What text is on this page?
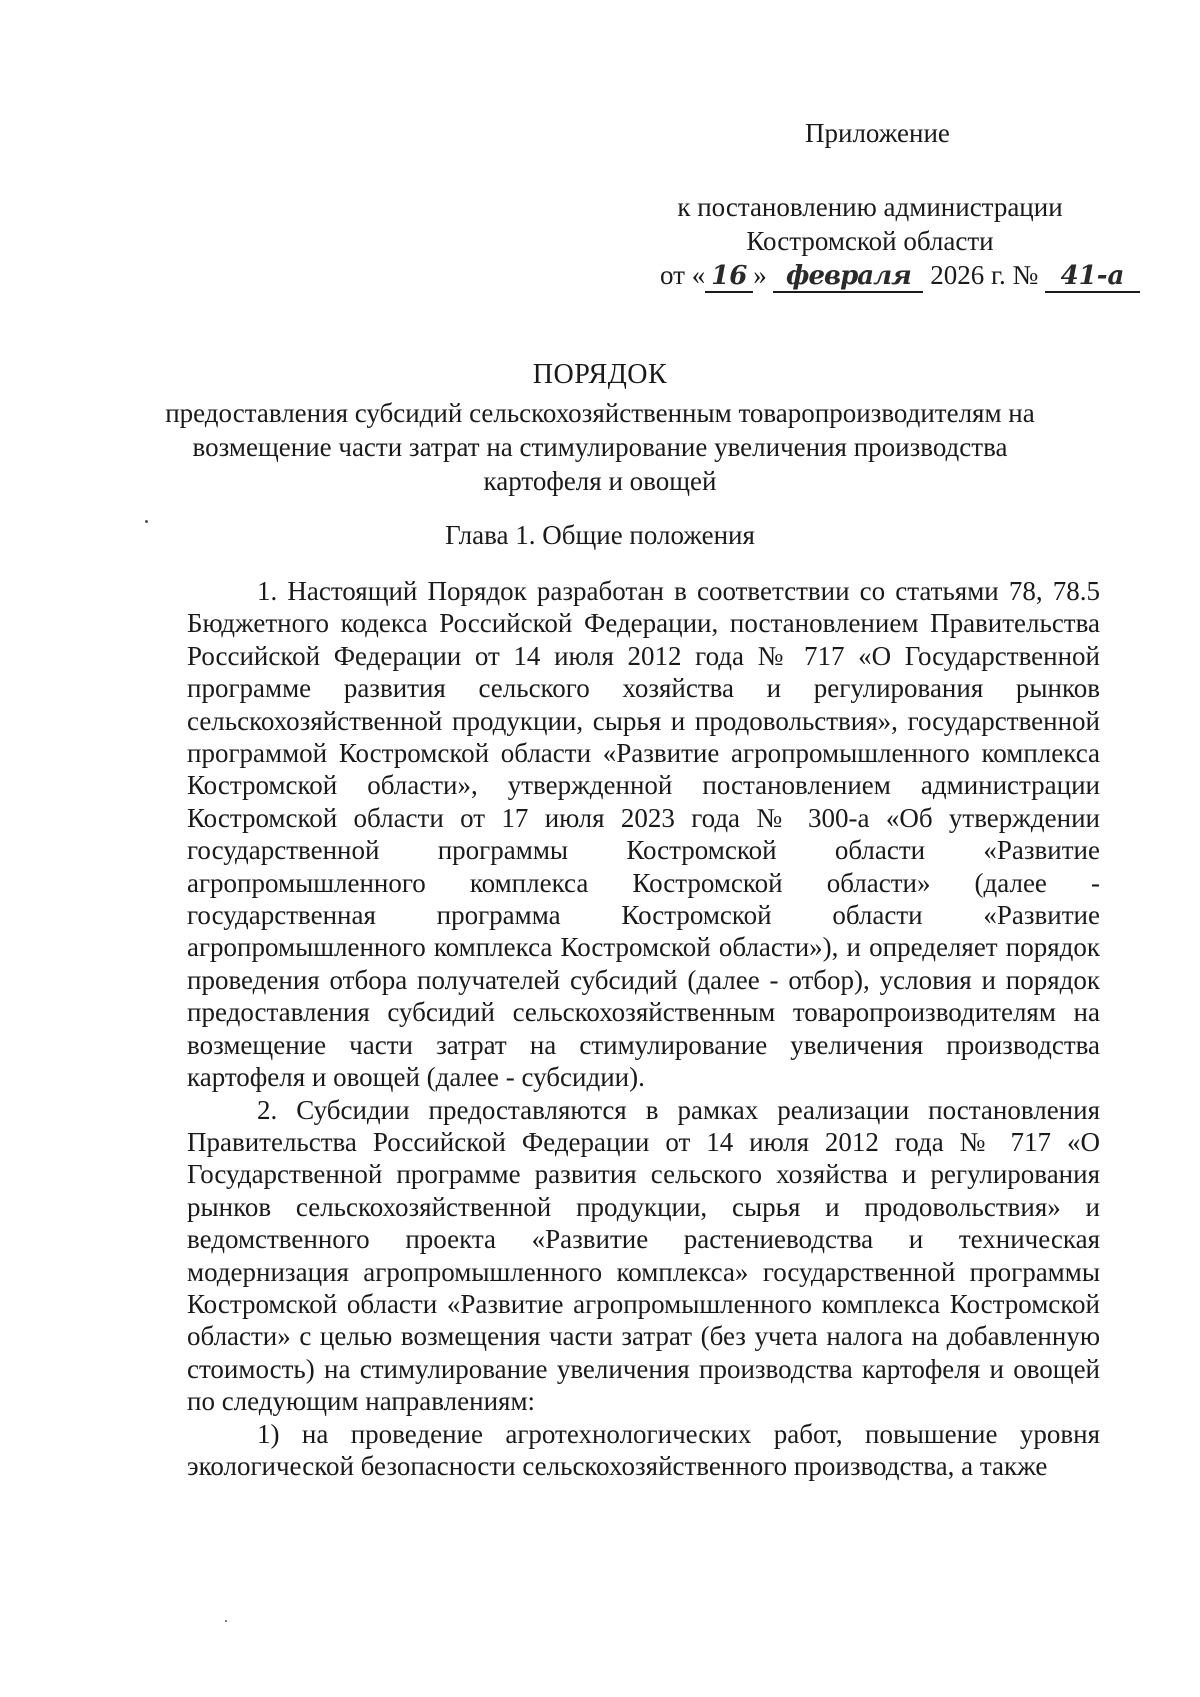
Приложение
к постановлению администрации
Костромской области
от « 16 » февраля 2026 г. № 41-а
ПОРЯДОК
предоставления субсидий сельскохозяйственным товаропроизводителям на возмещение части затрат на стимулирование увеличения производства картофеля и овощей
Глава 1. Общие положения

1. Настоящий Порядок разработан в соответствии со статьями 78, 78.5 Бюджетного кодекса Российской Федерации, постановлением Правительства Российской Федерации от 14 июля 2012 года № 717 «О Государственной программе развития сельского хозяйства и регулирования рынков сельскохозяйственной продукции, сырья и продовольствия», государственной программой Костромской области «Развитие агропромышленного комплекса Костромской области», утвержденной постановлением администрации Костромской области от 17 июля 2023 года № 300-а «Об утверждении государственной программы Костромской области «Развитие агропромышленного комплекса Костромской области» (далее - государственная программа Костромской области «Развитие агропромышленного комплекса Костромской области»), и определяет порядок проведения отбора получателей субсидий (далее - отбор), условия и порядок предоставления субсидий сельскохозяйственным товаропроизводителям на возмещение части затрат на стимулирование увеличения производства картофеля и овощей (далее - субсидии).

2. Субсидии предоставляются в рамках реализации постановления Правительства Российской Федерации от 14 июля 2012 года № 717 «О Государственной программе развития сельского хозяйства и регулирования рынков сельскохозяйственной продукции, сырья и продовольствия» и ведомственного проекта «Развитие растениеводства и техническая модернизация агропромышленного комплекса» государственной программы Костромской области «Развитие агропромышленного комплекса Костромской области» с целью возмещения части затрат (без учета налога на добавленную стоимость) на стимулирование увеличения производства картофеля и овощей по следующим направлениям:

1) на проведение агротехнологических работ, повышение уровня экологической безопасности сельскохозяйственного производства, а также
